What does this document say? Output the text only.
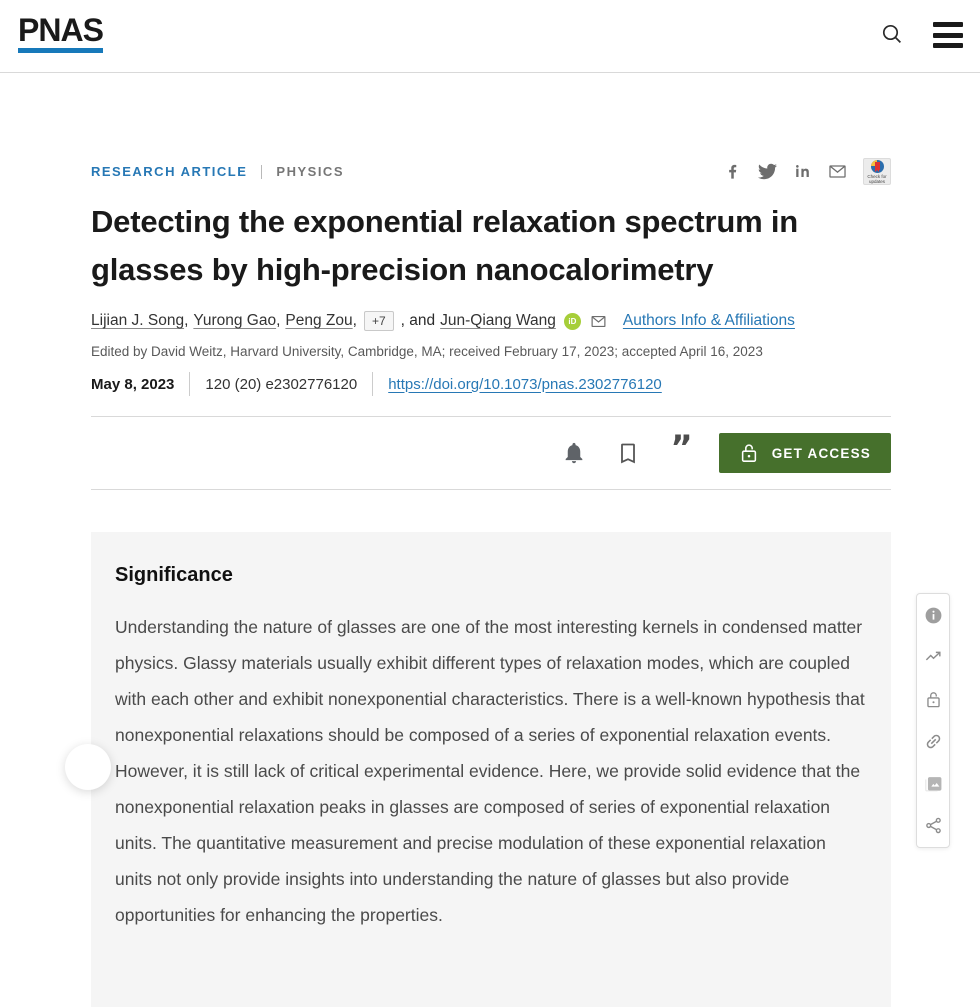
PNAS
RESEARCH ARTICLE PHYSICS	Check for updates
Detecting the exponential relaxation spectrum in glasses by high-precision nanocalorimetry
Lijian J. Song , Yurong Gao , Peng Zou ,	+7 , and Jun-Qiang Wang	iD	Authors Info & Affiliations
Edited by David Weitz, Harvard University, Cambridge, MA; received February 17, 2023; accepted April 16, 2023
May 8, 2023 120 (20) e2302776120 https://doi.org/10.1073/pnas.2302776120
”	GET ACCESS
Significance

Understanding the nature of glasses are one of the most interesting kernels in condensed matter physics. Glassy materials usually exhibit different types of relaxation modes, which are coupled with each other and exhibit nonexponential characteristics. There is a well-known hypothesis that nonexponential relaxations should be composed of a series of exponential relaxation events. However, it is still lack of critical experimental evidence. Here, we provide solid evidence that the nonexponential relaxation peaks in glasses are composed of series of exponential relaxation units. The quantitative measurement and precise modulation of these exponential relaxation units not only provide insights into understanding the nature of glasses but also provide opportunities for enhancing the properties.
